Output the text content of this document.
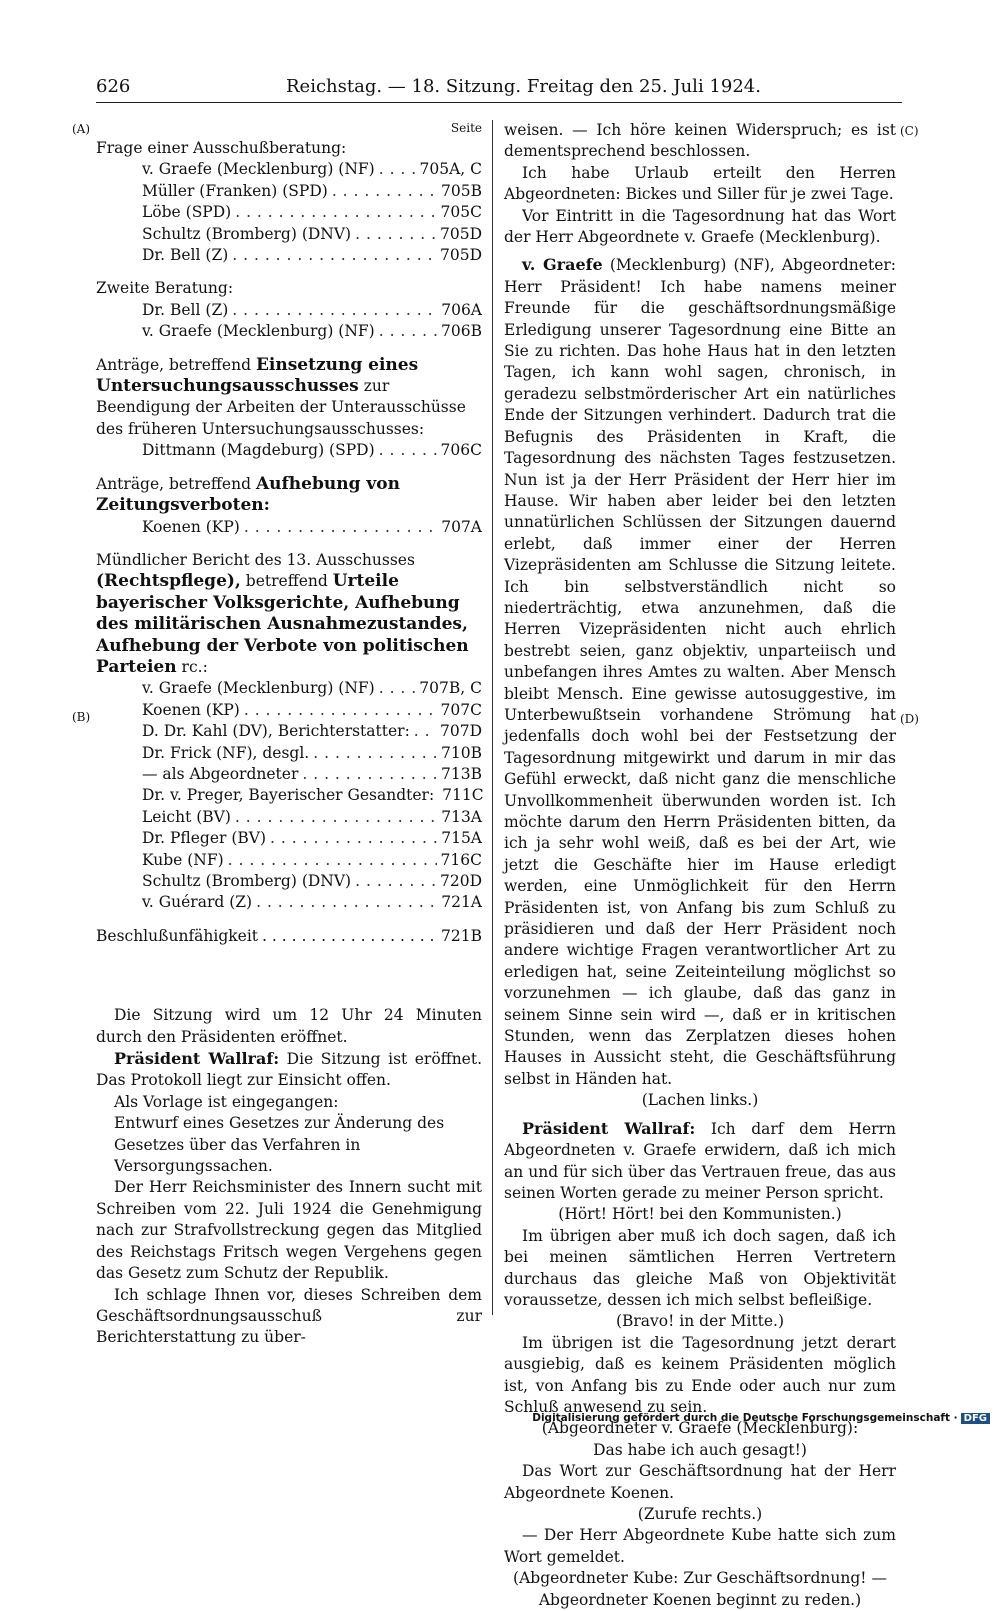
626	Reichstag. — 18. Sitzung. Freitag den 25. Juli 1924.
(A)
(B)
(C)
(D)
Seite

Frage einer Ausschußberatung:

v. Graefe (Mecklenburg) (NF) . . .	705A, C
Müller (Franken) (SPD) . . .	705B
Löbe (SPD) . . .	705C
Schultz (Bromberg) (DNV) . . .	705D
Dr. Bell (Z) . . .	705D

Zweite Beratung:

Dr. Bell (Z) . . .	706A
v. Graefe (Mecklenburg) (NF) . . .	706B

Anträge, betreffend Einsetzung eines Untersuchungsausschusses zur Beendigung der Arbeiten der Unterausschüsse des früheren Untersuchungsausschusses:

Dittmann (Magdeburg) (SPD) . . .	706C

Anträge, betreffend Aufhebung von Zeitungsverboten:

Koenen (KP) . . .	707A

Mündlicher Bericht des 13. Ausschusses (Rechtspflege), betreffend Urteile bayerischer Volksgerichte, Aufhebung des militärischen Ausnahmezustandes, Aufhebung der Verbote von politischen Parteien rc.:

v. Graefe (Mecklenburg) (NF) . . .	707B, C
Koenen (KP) . . .	707C
D. Dr. Kahl (DV), Berichterstatter: . . . 707D
Dr. Frick (NF), desgl. . . .	710B
— als Abgeordneter . . .	713B
Dr. v. Preger, Bayerischer Gesandter: 711C
Leicht (BV) . . .	713A
Dr. Pfleger (BV) . . .	715A
Kube (NF) . . .	716C
Schultz (Bromberg) (DNV) . . .	720D
v. Guérard (Z) . . .	721A
Beschlußunfähigkeit . . .	721B

Die Sitzung wird um 12 Uhr 24 Minuten durch den Präsidenten eröffnet.

Präsident Wallraf: Die Sitzung ist eröffnet. Das Protokoll liegt zur Einsicht offen.

Als Vorlage ist eingegangen:

Entwurf eines Gesetzes zur Änderung des Gesetzes über das Verfahren in Versorgungssachen.

Der Herr Reichsminister des Innern sucht mit Schreiben vom 22. Juli 1924 die Genehmigung nach zur Strafvollstreckung gegen das Mitglied des Reichstags Fritsch wegen Vergehens gegen das Gesetz zum Schutz der Republik.

Ich schlage Ihnen vor, dieses Schreiben dem Geschäftsordnungsausschuß zur Berichterstattung zu über-

weisen. — Ich höre keinen Widerspruch; es ist dementsprechend beschlossen.

Ich habe Urlaub erteilt den Herren Abgeordneten: Bickes und Siller für je zwei Tage.

Vor Eintritt in die Tagesordnung hat das Wort der Herr Abgeordnete v. Graefe (Mecklenburg).

v. Graefe (Mecklenburg) (NF), Abgeordneter: Herr Präsident! Ich habe namens meiner Freunde für die geschäftsordnungsmäßige Erledigung unserer Tagesordnung eine Bitte an Sie zu richten. Das hohe Haus hat in den letzten Tagen, ich kann wohl sagen, chronisch, in geradezu selbstmörderischer Art ein natürliches Ende der Sitzungen verhindert. Dadurch trat die Befugnis des Präsidenten in Kraft, die Tagesordnung des nächsten Tages festzusetzen. Nun ist ja der Herr Präsident der Herr hier im Hause. Wir haben aber leider bei den letzten unnatürlichen Schlüssen der Sitzungen dauernd erlebt, daß immer einer der Herren Vizepräsidenten am Schlusse die Sitzung leitete. Ich bin selbstverständlich nicht so niederträchtig, etwa anzunehmen, daß die Herren Vizepräsidenten nicht auch ehrlich bestrebt seien, ganz objektiv, unparteiisch und unbefangen ihres Amtes zu walten. Aber Mensch bleibt Mensch. Eine gewisse autosuggestive, im Unterbewußtsein vorhandene Strömung hat jedenfalls doch wohl bei der Festsetzung der Tagesordnung mitgewirkt und darum in mir das Gefühl erweckt, daß nicht ganz die menschliche Unvollkommenheit überwunden worden ist. Ich möchte darum den Herrn Präsidenten bitten, da ich ja sehr wohl weiß, daß es bei der Art, wie jetzt die Geschäfte hier im Hause erledigt werden, eine Unmöglichkeit für den Herrn Präsidenten ist, von Anfang bis zum Schluß zu präsidieren und daß der Herr Präsident noch andere wichtige Fragen verantwortlicher Art zu erledigen hat, seine Zeiteinteilung möglichst so vorzunehmen — ich glaube, daß das ganz in seinem Sinne sein wird —, daß er in kritischen Stunden, wenn das Zerplatzen dieses hohen Hauses in Aussicht steht, die Geschäftsführung selbst in Händen hat.

(Lachen links.)

Präsident Wallraf: Ich darf dem Herrn Abgeordneten v. Graefe erwidern, daß ich mich an und für sich über das Vertrauen freue, das aus seinen Worten gerade zu meiner Person spricht.

(Hört! Hört! bei den Kommunisten.)

Im übrigen aber muß ich doch sagen, daß ich bei meinen sämtlichen Herren Vertretern durchaus das gleiche Maß von Objektivität voraussetze, dessen ich mich selbst befleißige.

(Bravo! in der Mitte.)

Im übrigen ist die Tagesordnung jetzt derart ausgiebig, daß es keinem Präsidenten möglich ist, von Anfang bis zu Ende oder auch nur zum Schluß anwesend zu sein.

(Abgeordneter v. Graefe (Mecklenburg):

Das habe ich auch gesagt!)

Das Wort zur Geschäftsordnung hat der Herr Abgeordnete Koenen.

(Zurufe rechts.)

— Der Herr Abgeordnete Kube hatte sich zum Wort gemeldet.

(Abgeordneter Kube: Zur Geschäftsordnung! —

Abgeordneter Koenen beginnt zu reden.)

Digitalisierung gefördert durch die Deutsche Forschungsgemeinschaft · DFG
